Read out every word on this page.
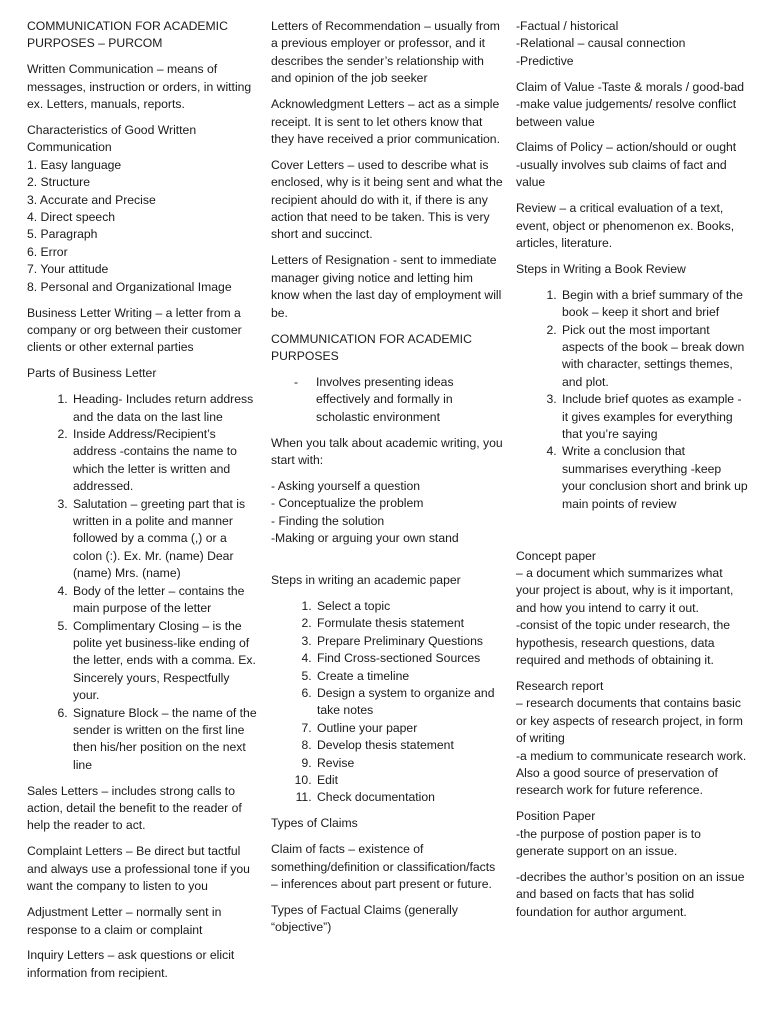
COMMUNICATION FOR ACADEMIC
PURPOSES – PURCOM

Written Communication – means of messages, instruction or orders, in witting ex. Letters, manuals, reports.

Characteristics of Good Written Communication
1. Easy language
2. Structure
3. Accurate and Precise
4. Direct speech
5. Paragraph
6. Error
7. Your attitude
8. Personal and Organizational Image

Business Letter Writing – a letter from a company or org between their customer clients or other external parties

Parts of Business Letter

1. Heading- Includes return address and the data on the last line
2. Inside Address/Recipient’s address -contains the name to which the letter is written and addressed.
3. Salutation – greeting part that is written in a polite and manner followed by a comma (,) or a colon (:). Ex. Mr. (name) Dear (name) Mrs. (name)
4. Body of the letter – contains the main purpose of the letter
5. Complimentary Closing – is the polite yet business-like ending of the letter, ends with a comma. Ex. Sincerely yours, Respectfully your.
6. Signature Block – the name of the sender is written on the first line then his/her position on the next line

Sales Letters – includes strong calls to action, detail the benefit to the reader of help the reader to act.

Complaint Letters – Be direct but tactful and always use a professional tone if you want the company to listen to you

Adjustment Letter – normally sent in response to a claim or complaint

Inquiry Letters – ask questions or elicit information from recipient.

Letters of Recommendation – usually from a previous employer or professor, and it describes the sender’s relationship with and opinion of the job seeker

Acknowledgment Letters – act as a simple receipt. It is sent to let others know that they have received a prior communication.

Cover Letters – used to describe what is enclosed, why is it being sent and what the recipient ahould do with it, if there is any action that need to be taken. This is very short and succinct.

Letters of Resignation - sent to immediate manager giving notice and letting him know when the last day of employment will be.

COMMUNICATION FOR ACADEMIC PURPOSES

- Involves presenting ideas effectively and formally in scholastic environment

When you talk about academic writing, you start with:

- Asking yourself a question
- Conceptualize the problem
- Finding the solution
-Making or arguing your own stand

Steps in writing an academic paper

1. Select a topic
2. Formulate thesis statement
3. Prepare Preliminary Questions
4. Find Cross-sectioned Sources
5. Create a timeline
6. Design a system to organize and take notes
7. Outline your paper
8. Develop thesis statement
9. Revise
10. Edit
11. Check documentation

Types of Claims

Claim of facts – existence of something/definition or classification/facts – inferences about part present or future.

Types of Factual Claims (generally “objective”)

-Factual / historical
-Relational – causal connection
-Predictive

Claim of Value -Taste & morals / good-bad
-make value judgements/ resolve conflict between value

Claims of Policy – action/should or ought
-usually involves sub claims of fact and value

Review – a critical evaluation of a text, event, object or phenomenon ex. Books, articles, literature.

Steps in Writing a Book Review

1. Begin with a brief summary of the book – keep it short and brief
2. Pick out the most important aspects of the book – break down with character, settings themes, and plot.
3. Include brief quotes as example - it gives examples for everything that you’re saying
4. Write a conclusion that summarises everything -keep your conclusion short and brink up main points of review

Concept paper
– a document which summarizes what your project is about, why is it important, and how you intend to carry it out.
-consist of the topic under research, the hypothesis, research questions, data required and methods of obtaining it.

Research report
– research documents that contains basic or key aspects of research project, in form of writing
-a medium to communicate research work. Also a good source of preservation of research work for future reference.

Position Paper
-the purpose of postion paper is to generate support on an issue.

-decribes the author’s position on an issue and based on facts that has solid foundation for author argument.
